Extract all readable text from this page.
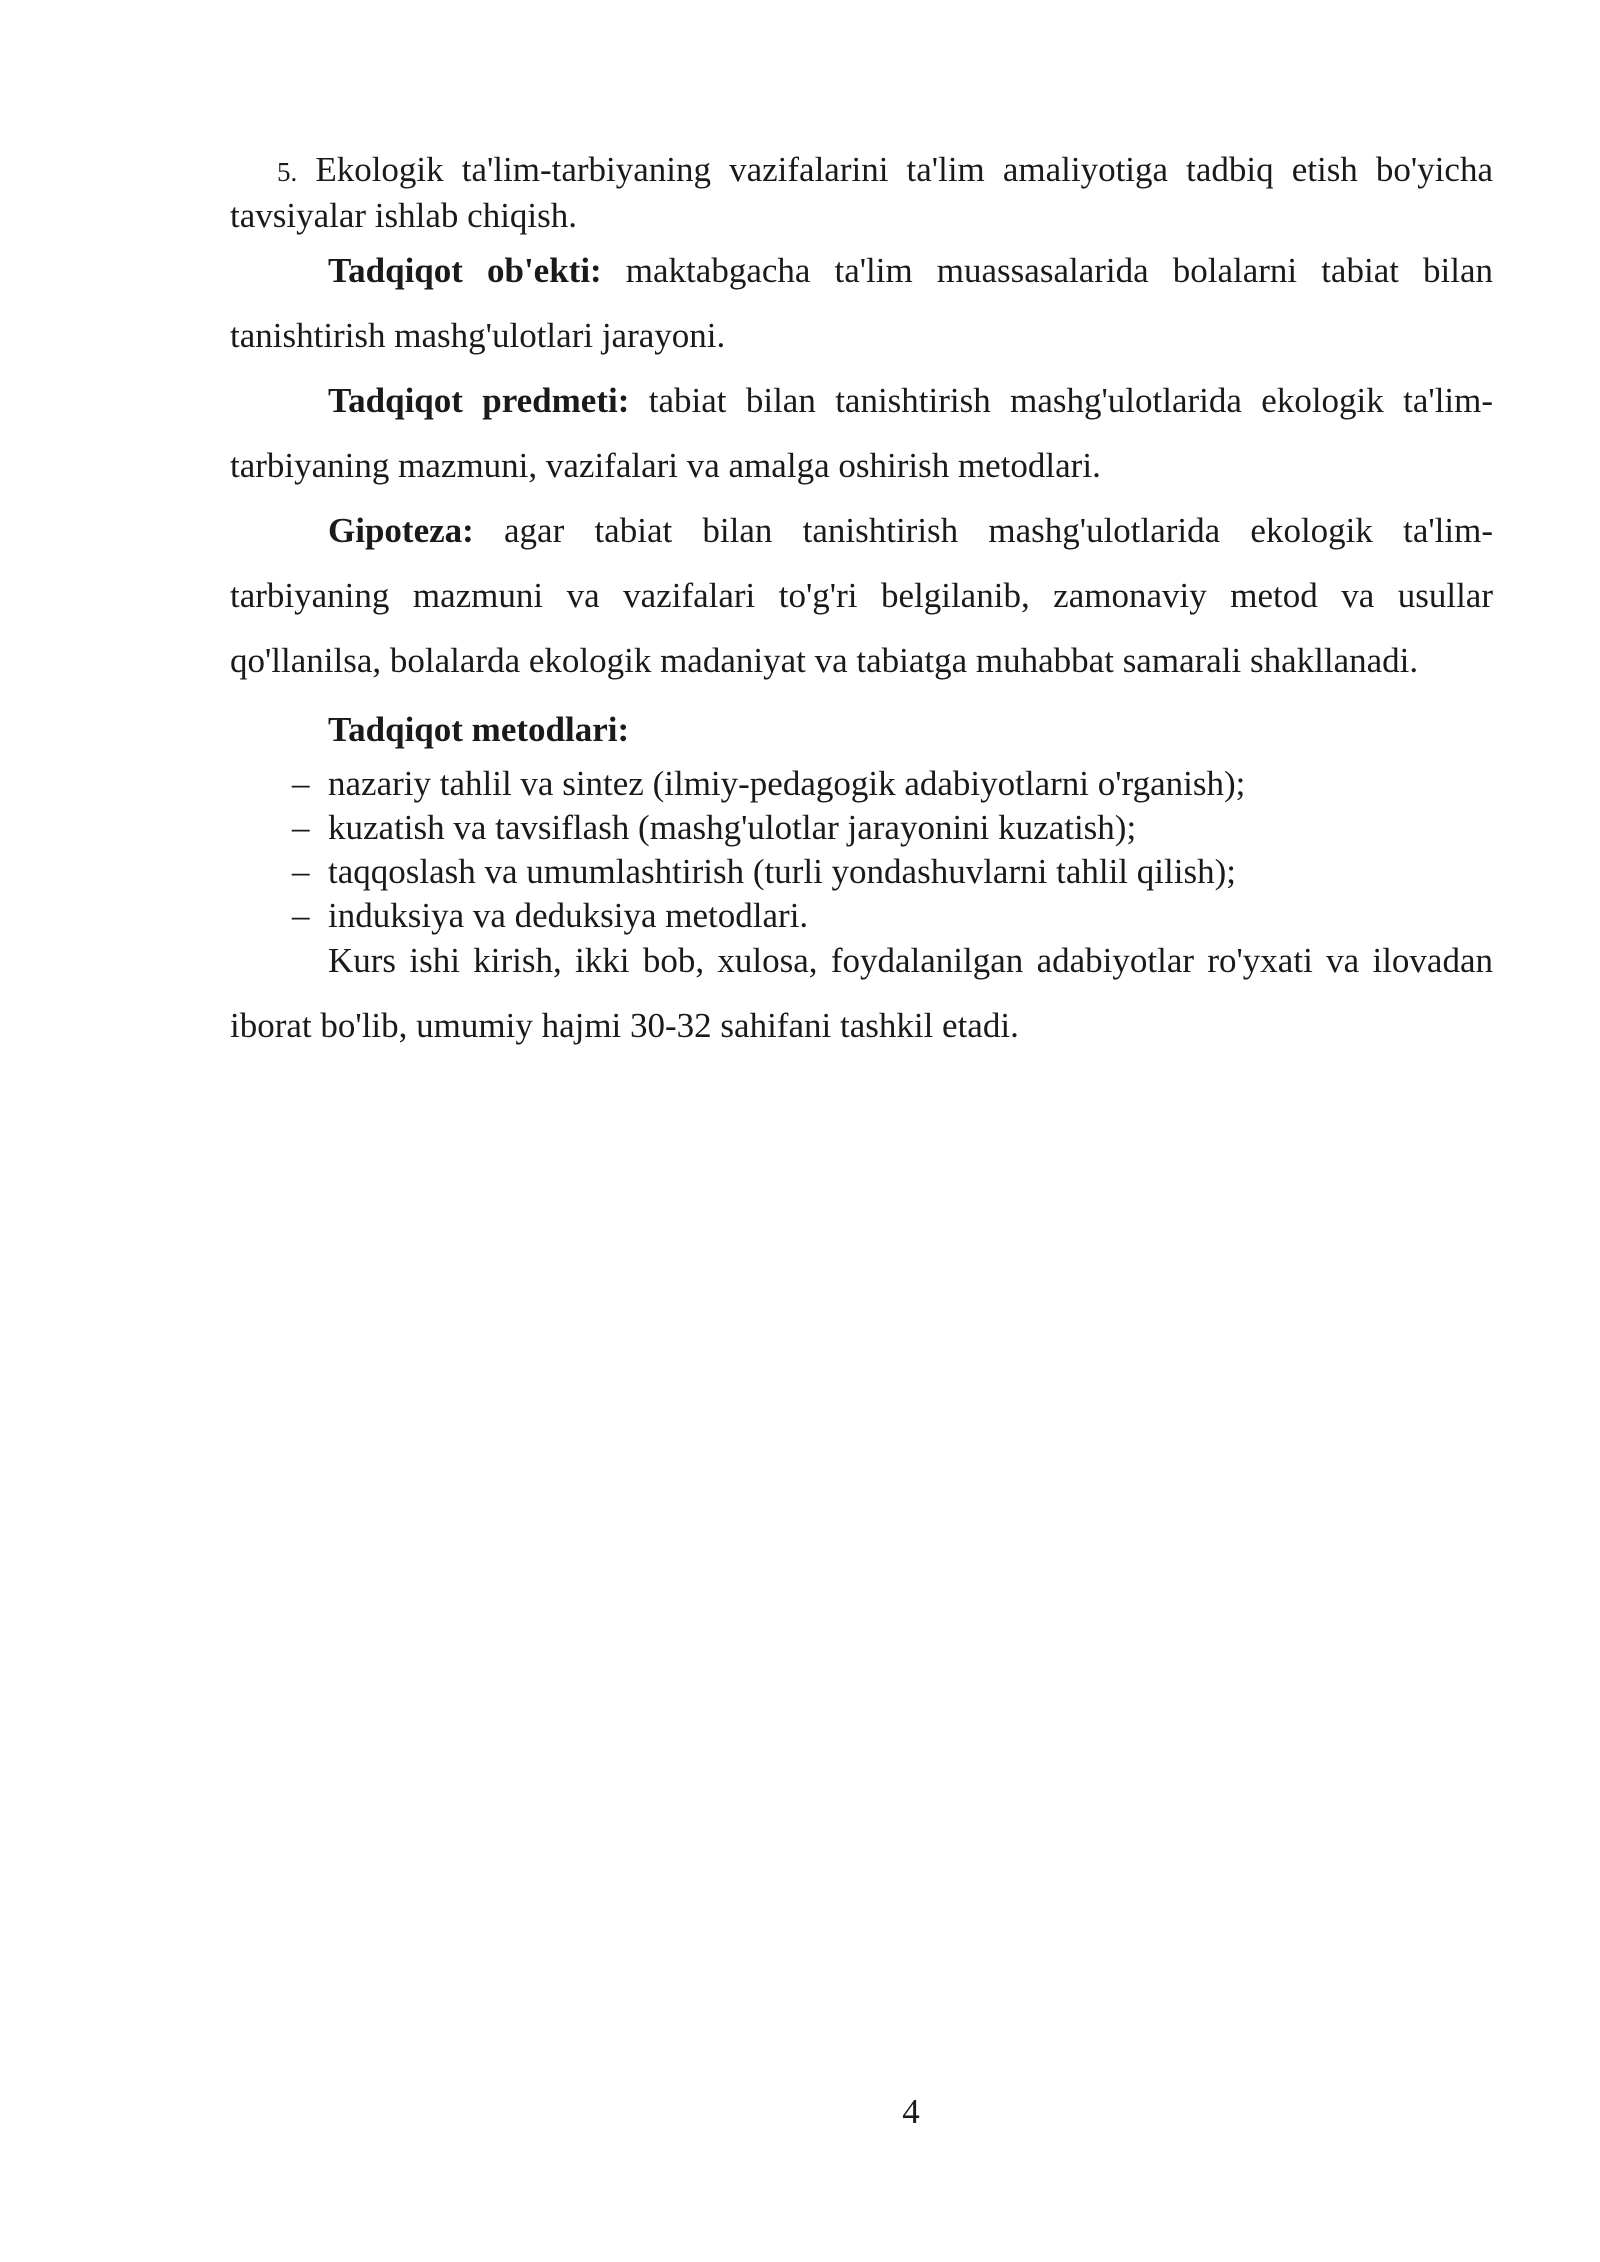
5. Ekologik ta'lim-tarbiyaning vazifalarini ta'lim amaliyotiga tadbiq etish bo'yicha tavsiyalar ishlab chiqish.

Tadqiqot ob'ekti: maktabgacha ta'lim muassasalarida bolalarni tabiat bilan tanishtirish mashg'ulotlari jarayoni.

Tadqiqot predmeti: tabiat bilan tanishtirish mashg'ulotlarida ekologik ta'lim-tarbiyaning mazmuni, vazifalari va amalga oshirish metodlari.

Gipoteza: agar tabiat bilan tanishtirish mashg'ulotlarida ekologik ta'lim-tarbiyaning mazmuni va vazifalari to'g'ri belgilanib, zamonaviy metod va usullar qo'llanilsa, bolalarda ekologik madaniyat va tabiatga muhabbat samarali shakllanadi.

Tadqiqot metodlari:

– nazariy tahlil va sintez (ilmiy-pedagogik adabiyotlarni o'rganish);
– kuzatish va tavsiflash (mashg'ulotlar jarayonini kuzatish);
– taqqoslash va umumlashtirish (turli yondashuvlarni tahlil qilish);
– induksiya va deduksiya metodlari.

Kurs ishi kirish, ikki bob, xulosa, foydalanilgan adabiyotlar ro'yxati va ilovadan iborat bo'lib, umumiy hajmi 30-32 sahifani tashkil etadi.

4
